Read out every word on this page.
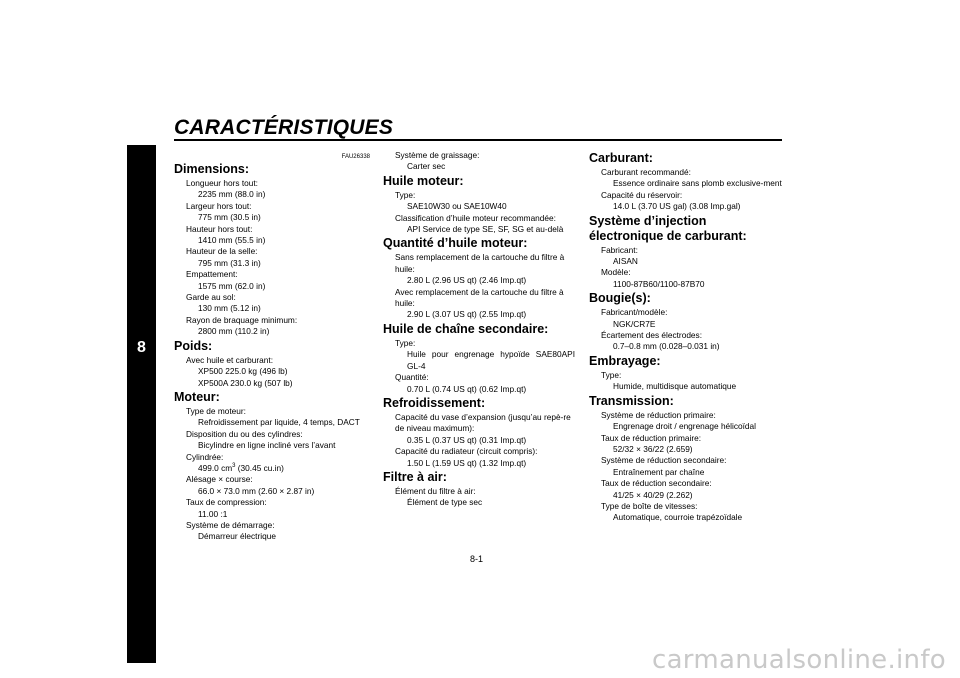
CARACTÉRISTIQUES
8
FAU26338
Dimensions:
Longueur hors tout:
2235 mm (88.0 in)
Largeur hors tout:
775 mm (30.5 in)
Hauteur hors tout:
1410 mm (55.5 in)
Hauteur de la selle:
795 mm (31.3 in)
Empattement:
1575 mm (62.0 in)
Garde au sol:
130 mm (5.12 in)
Rayon de braquage minimum:
2800 mm (110.2 in)
Poids:
Avec huile et carburant:
XP500 225.0 kg (496 lb)
XP500A 230.0 kg (507 lb)
Moteur:
Type de moteur:
Refroidissement par liquide, 4 temps, DACT
Disposition du ou des cylindres:
Bicylindre en ligne incliné vers l’avant
Cylindrée:
499.0 $cm^3$ (30.45 cu.in)
Alésage × course:
66.0 × 73.0 mm (2.60 × 2.87 in)
Taux de compression:
11.00 :1
Système de démarrage:
Démarreur électrique
Système de graissage:
Carter sec
Huile moteur:
Type:
SAE10W30 ou SAE10W40
Classification d’huile moteur recommandée:
API Service de type SE, SF, SG et au-delà
Quantité d’huile moteur:
Sans remplacement de la cartouche du filtre à huile:
2.80 L (2.96 US qt) (2.46 Imp.qt)
Avec remplacement de la cartouche du filtre à huile:
2.90 L (3.07 US qt) (2.55 Imp.qt)
Huile de chaîne secondaire:
Type:
Huile pour engrenage hypoïde SAE80API GL-4
Quantité:
0.70 L (0.74 US qt) (0.62 Imp.qt)
Refroidissement:
Capacité du vase d’expansion (jusqu’au repè-re de niveau maximum):
0.35 L (0.37 US qt) (0.31 Imp.qt)
Capacité du radiateur (circuit compris):
1.50 L (1.59 US qt) (1.32 Imp.qt)
Filtre à air:
Élément du filtre à air:
Élément de type sec
Carburant:
Carburant recommandé:
Essence ordinaire sans plomb exclusive-ment
Capacité du réservoir:
14.0 L (3.70 US gal) (3.08 Imp.gal)
Système d’injection électronique de carburant:
Fabricant:
AISAN
Modèle:
1100-87B60/1100-87B70
Bougie(s):
Fabricant/modèle:
NGK/CR7E
Écartement des électrodes:
0.7–0.8 mm (0.028–0.031 in)
Embrayage:
Type:
Humide, multidisque automatique
Transmission:
Système de réduction primaire:
Engrenage droit / engrenage hélicoïdal
Taux de réduction primaire:
52/32 × 36/22 (2.659)
Système de réduction secondaire:
Entraînement par chaîne
Taux de réduction secondaire:
41/25 × 40/29 (2.262)
Type de boîte de vitesses:
Automatique, courroie trapézoïdale
8-1
carmanualsonline.info
